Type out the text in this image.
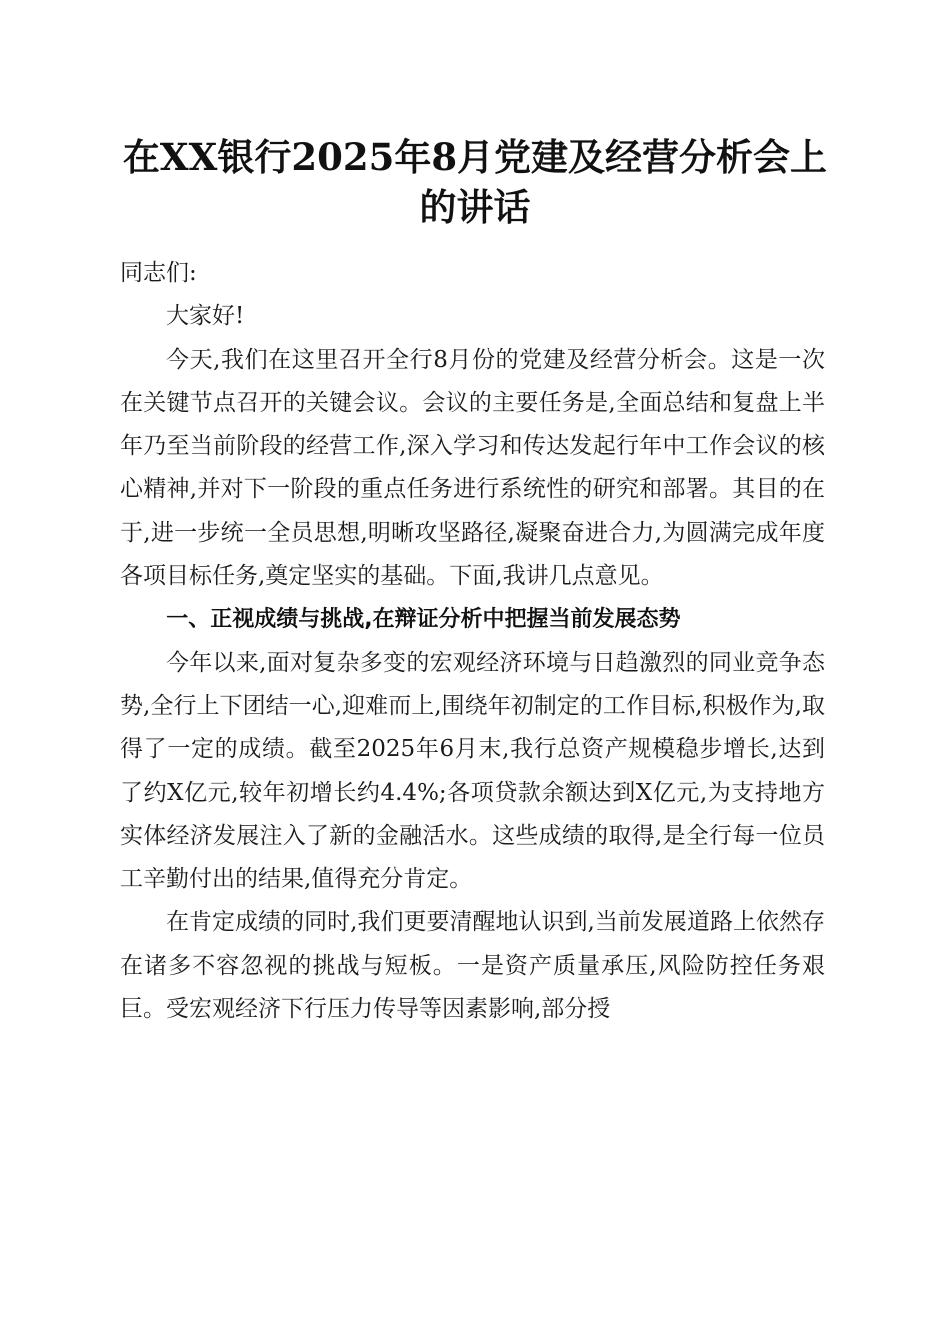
在XX银行2025年8月党建及经营分析会上
的讲话

同志们:

大家好!

今天,我们在这里召开全行8月份的党建及经营分析会。这是一次在关键节点召开的关键会议。会议的主要任务是,全面总结和复盘上半年乃至当前阶段的经营工作,深入学习和传达发起行年中工作会议的核心精神,并对下一阶段的重点任务进行系统性的研究和部署。其目的在于,进一步统一全员思想,明晰攻坚路径,凝聚奋进合力,为圆满完成年度各项目标任务,奠定坚实的基础。下面,我讲几点意见。

一、正视成绩与挑战,在辩证分析中把握当前发展态势

今年以来,面对复杂多变的宏观经济环境与日趋激烈的同业竞争态势,全行上下团结一心,迎难而上,围绕年初制定的工作目标,积极作为,取得了一定的成绩。截至2025年6月末,我行总资产规模稳步增长,达到了约X亿元,较年初增长约4.4%;各项贷款余额达到X亿元,为支持地方实体经济发展注入了新的金融活水。这些成绩的取得,是全行每一位员工辛勤付出的结果,值得充分肯定。

在肯定成绩的同时,我们更要清醒地认识到,当前发展道路上依然存在诸多不容忽视的挑战与短板。一是资产质量承压,风险防控任务艰巨。受宏观经济下行压力传导等因素影响,部分授
